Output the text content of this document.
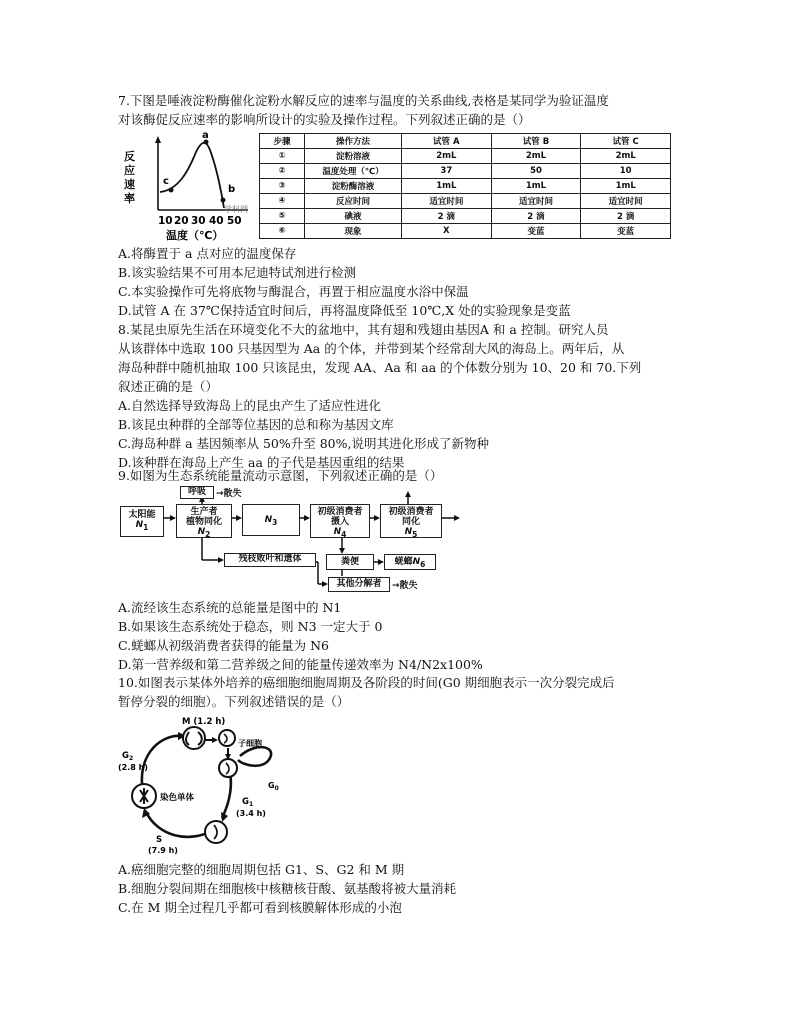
7.下图是唾液淀粉酶催化淀粉水解反应的速率与温度的关系曲线,表格是某同学为验证温度
对该酶促反应速率的影响所设计的实验及操作过程。下列叙述正确的是（）
反
应
速
率
c
a
b
10 20 30 40 50
学科网
温度（℃）
步骤	操作方法	试管 A	试管 B	试管 C
①	淀粉溶液	2mL	2mL	2mL
②	温度处理（℃）	37	50	10
③	淀粉酶溶液	1mL	1mL	1mL
④	反应时间	适宜时间	适宜时间	适宜时间
⑤	碘液	2 滴	2 滴	2 滴
⑥	现象	X	变蓝	变蓝
A.将酶置于 a 点对应的温度保存
B.该实验结果不可用本尼迪特试剂进行检测
C.本实验操作可先将底物与酶混合，再置于相应温度水浴中保温
D.试管 A 在 37℃保持适宜时间后，再将温度降低至 10℃,X 处的实验现象是变蓝
8.某昆虫原先生活在环境变化不大的盆地中，其有翅和残翅由基因A 和 a 控制。研究人员
从该群体中选取 100 只基因型为 Aa 的个体，并带到某个经常刮大风的海岛上。两年后，从
海岛种群中随机抽取 100 只该昆虫，发现 AA、Aa 和 aa 的个体数分别为 10、20 和 70.下列
叙述正确的是（）
A.自然选择导致海岛上的昆虫产生了适应性进化
B.该昆虫种群的全部等位基因的总和称为基因文库
C.海岛种群 a 基因频率从 50%升至 80%,说明其进化形成了新物种
D.该种群在海岛上产生 aa 的子代是基因重组的结果
9.如图为生态系统能量流动示意图，下列叙述正确的是（）
太阳能
$N_1$
生产者
植物同化
$N_2$
$N_3$
初级消费者
摄入
$N_4$
初级消费者
同化
$N_5$
呼吸	→散失
残枝败叶和遗体	粪便	蜣螂$N_6$
其他分解者	→散失
A.流经该生态系统的总能量是图中的 N1
B.如果该生态系统处于稳态，则 N3 一定大于 0
C.蜣螂从初级消费者获得的能量为 N6
D.第一营养级和第二营养级之间的能量传递效率为 N4/N2x100%
10.如图表示某体外培养的癌细胞细胞周期及各阶段的时间(G0 期细胞表示一次分裂完成后
暂停分裂的细胞）。下列叙述错误的是（）
M (1.2 h)
$G_2$
(2.8 h)
子细胞
$G_0$
$G_1$
(3.4 h)
染色单体
S
(7.9 h)
A.癌细胞完整的细胞周期包括 G1、S、G2 和 M 期
B.细胞分裂间期在细胞核中核糖核苷酸、氨基酸将被大量消耗
C.在 M 期全过程几乎都可看到核膜解体形成的小泡
